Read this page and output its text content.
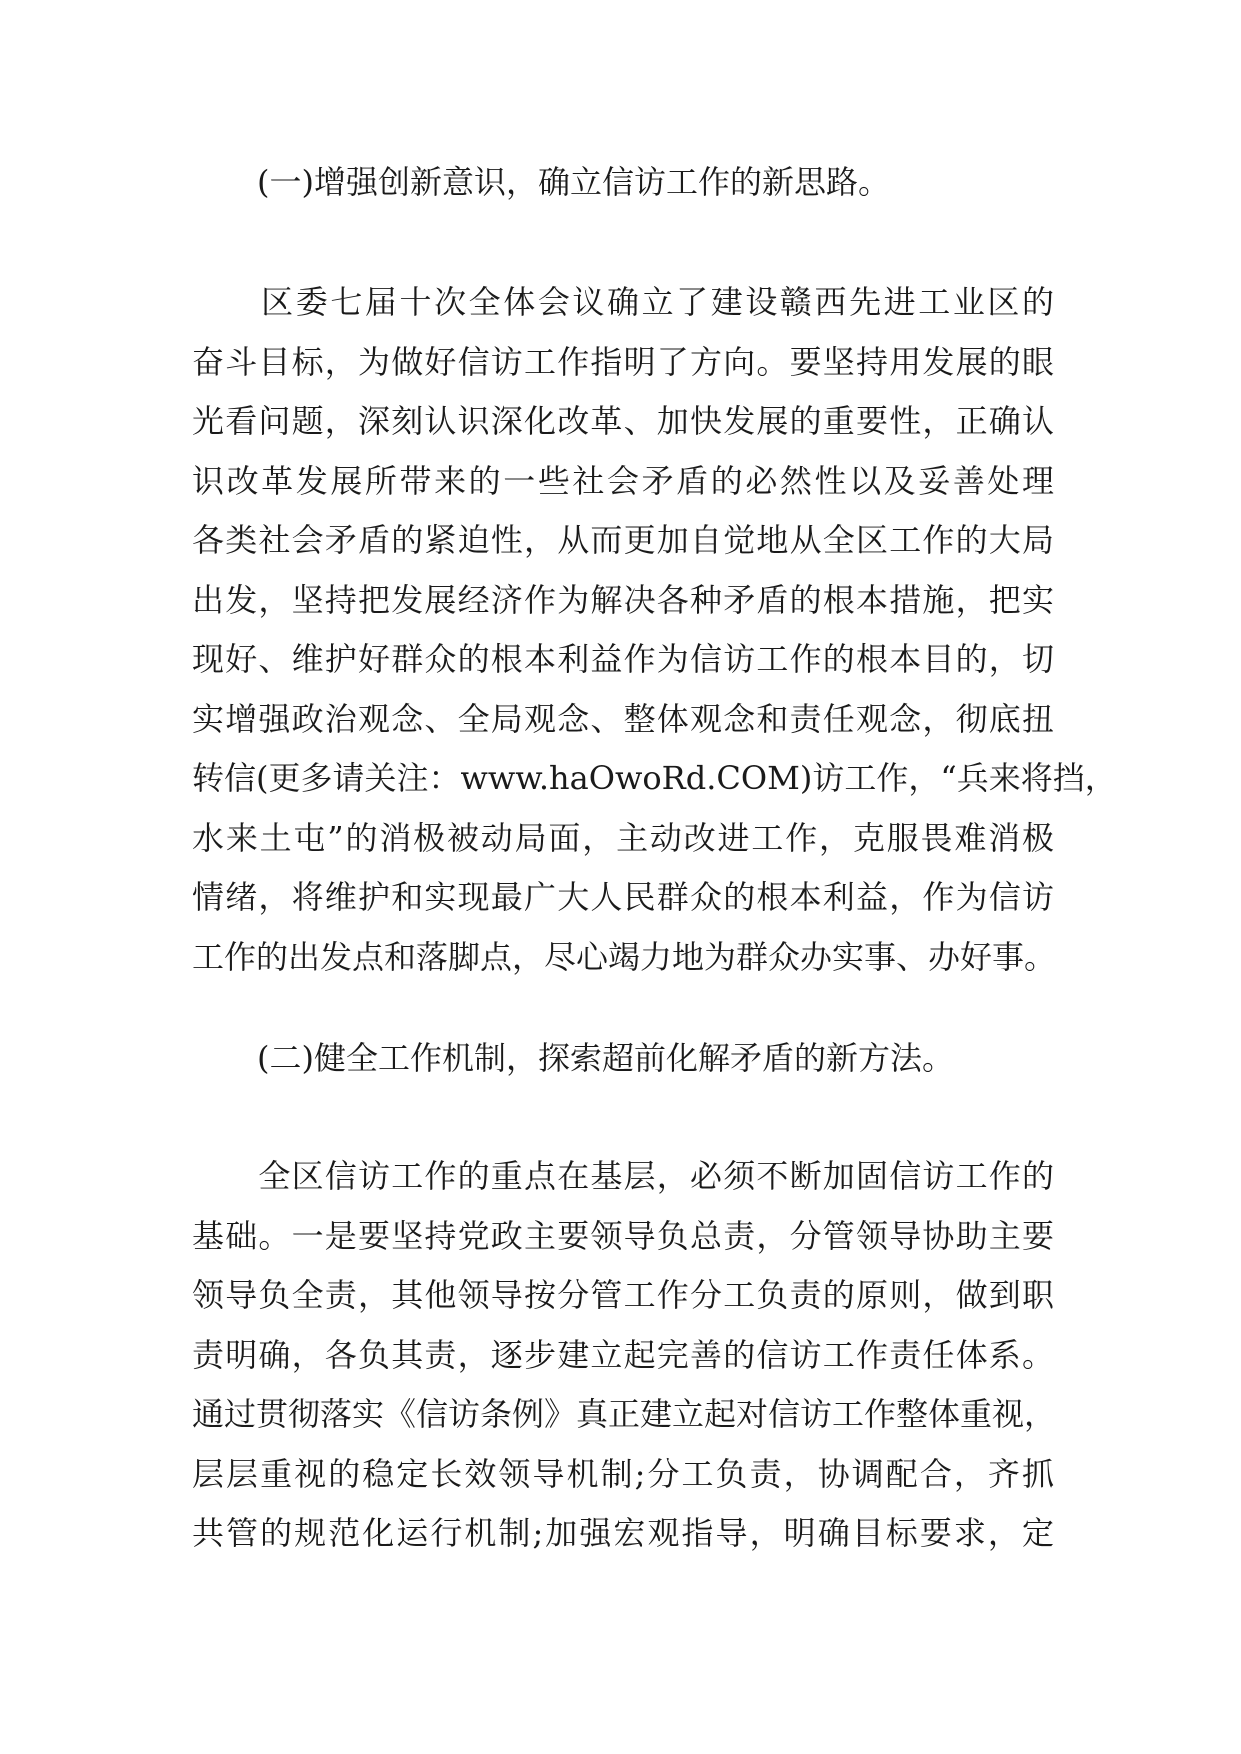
(一)增强创新意识，确立信访工作的新思路。
　　区委七届十次全体会议确立了建设赣西先进工业区的
奋斗目标，为做好信访工作指明了方向。要坚持用发展的眼
光看问题，深刻认识深化改革、加快发展的重要性，正确认
识改革发展所带来的一些社会矛盾的必然性以及妥善处理
各类社会矛盾的紧迫性，从而更加自觉地从全区工作的大局
出发，坚持把发展经济作为解决各种矛盾的根本措施，把实
现好、维护好群众的根本利益作为信访工作的根本目的，切
实增强政治观念、全局观念、整体观念和责任观念，彻底扭
转信(更多请关注：www.haOwoRd.COM)访工作，“兵来将挡，
水来土屯”的消极被动局面，主动改进工作，克服畏难消极
情绪，将维护和实现最广大人民群众的根本利益，作为信访
工作的出发点和落脚点，尽心竭力地为群众办实事、办好事。
(二)健全工作机制，探索超前化解矛盾的新方法。
　　全区信访工作的重点在基层，必须不断加固信访工作的
基础。一是要坚持党政主要领导负总责，分管领导协助主要
领导负全责，其他领导按分管工作分工负责的原则，做到职
责明确，各负其责，逐步建立起完善的信访工作责任体系。
通过贯彻落实《信访条例》真正建立起对信访工作整体重视，
层层重视的稳定长效领导机制;分工负责，协调配合，齐抓
共管的规范化运行机制;加强宏观指导，明确目标要求，定
